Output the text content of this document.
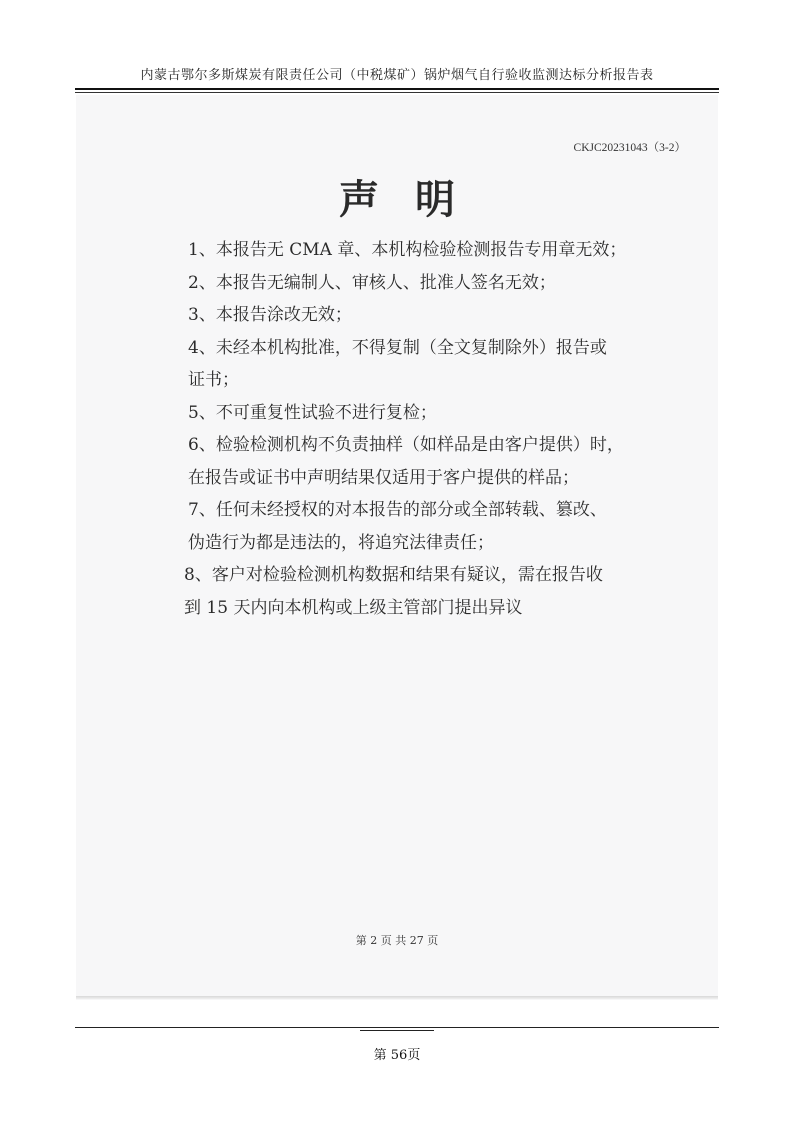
内蒙古鄂尔多斯煤炭有限责任公司（中税煤矿）锅炉烟气自行验收监测达标分析报告表
CKJC20231043（3-2）
声明
1、本报告无 CMA 章、本机构检验检测报告专用章无效；
2、本报告无编制人、审核人、批准人签名无效；
3、本报告涂改无效；
4、未经本机构批准，不得复制（全文复制除外）报告或
证书；
5、不可重复性试验不进行复检；
6、检验检测机构不负责抽样（如样品是由客户提供）时，
在报告或证书中声明结果仅适用于客户提供的样品；
7、任何未经授权的对本报告的部分或全部转载、篡改、
伪造行为都是违法的，将追究法律责任；
8、客户对检验检测机构数据和结果有疑议，需在报告收
到 15 天内向本机构或上级主管部门提出异议
第 2 页 共 27 页
第 56页
